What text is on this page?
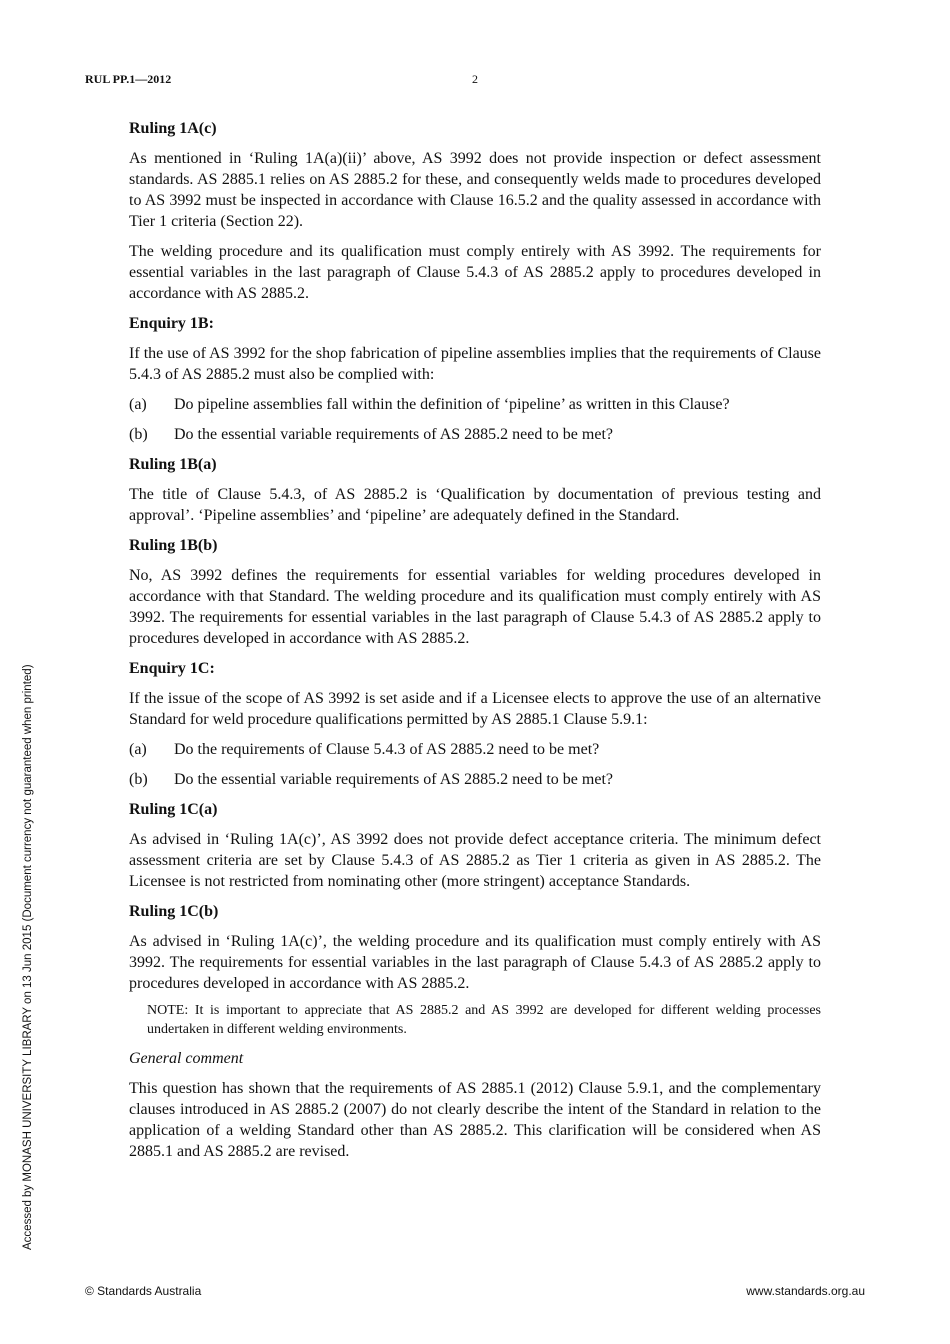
RUL PP.1—2012	2
Ruling 1A(c)

As mentioned in ‘Ruling 1A(a)(ii)’ above, AS 3992 does not provide inspection or defect assessment standards. AS 2885.1 relies on AS 2885.2 for these, and consequently welds made to procedures developed to AS 3992 must be inspected in accordance with Clause 16.5.2 and the quality assessed in accordance with Tier 1 criteria (Section 22).

The welding procedure and its qualification must comply entirely with AS 3992. The requirements for essential variables in the last paragraph of Clause 5.4.3 of AS 2885.2 apply to procedures developed in accordance with AS 2885.2.

Enquiry 1B:

If the use of AS 3992 for the shop fabrication of pipeline assemblies implies that the requirements of Clause 5.4.3 of AS 2885.2 must also be complied with:

(a)	Do pipeline assemblies fall within the definition of ‘pipeline’ as written in this Clause?
(b)	Do the essential variable requirements of AS 2885.2 need to be met?
Ruling 1B(a)

The title of Clause 5.4.3, of AS 2885.2 is ‘Qualification by documentation of previous testing and approval’. ‘Pipeline assemblies’ and ‘pipeline’ are adequately defined in the Standard.

Ruling 1B(b)

No, AS 3992 defines the requirements for essential variables for welding procedures developed in accordance with that Standard. The welding procedure and its qualification must comply entirely with AS 3992. The requirements for essential variables in the last paragraph of Clause 5.4.3 of AS 2885.2 apply to procedures developed in accordance with AS 2885.2.

Enquiry 1C:

If the issue of the scope of AS 3992 is set aside and if a Licensee elects to approve the use of an alternative Standard for weld procedure qualifications permitted by AS 2885.1 Clause 5.9.1:

(a)	Do the requirements of Clause 5.4.3 of AS 2885.2 need to be met?
(b)	Do the essential variable requirements of AS 2885.2 need to be met?
Ruling 1C(a)

As advised in ‘Ruling 1A(c)’, AS 3992 does not provide defect acceptance criteria. The minimum defect assessment criteria are set by Clause 5.4.3 of AS 2885.2 as Tier 1 criteria as given in AS 2885.2. The Licensee is not restricted from nominating other (more stringent) acceptance Standards.

Ruling 1C(b)

As advised in ‘Ruling 1A(c)’, the welding procedure and its qualification must comply entirely with AS 3992. The requirements for essential variables in the last paragraph of Clause 5.4.3 of AS 2885.2 apply to procedures developed in accordance with AS 2885.2.

NOTE: It is important to appreciate that AS 2885.2 and AS 3992 are developed for different welding processes undertaken in different welding environments.
General comment

This question has shown that the requirements of AS 2885.1 (2012) Clause 5.9.1, and the complementary clauses introduced in AS 2885.2 (2007) do not clearly describe the intent of the Standard in relation to the application of a welding Standard other than AS 2885.2. This clarification will be considered when AS 2885.1 and AS 2885.2 are revised.

Accessed by MONASH UNIVERSITY LIBRARY on 13 Jun 2015 (Document currency not guaranteed when printed)
© Standards Australia	www.standards.org.au
